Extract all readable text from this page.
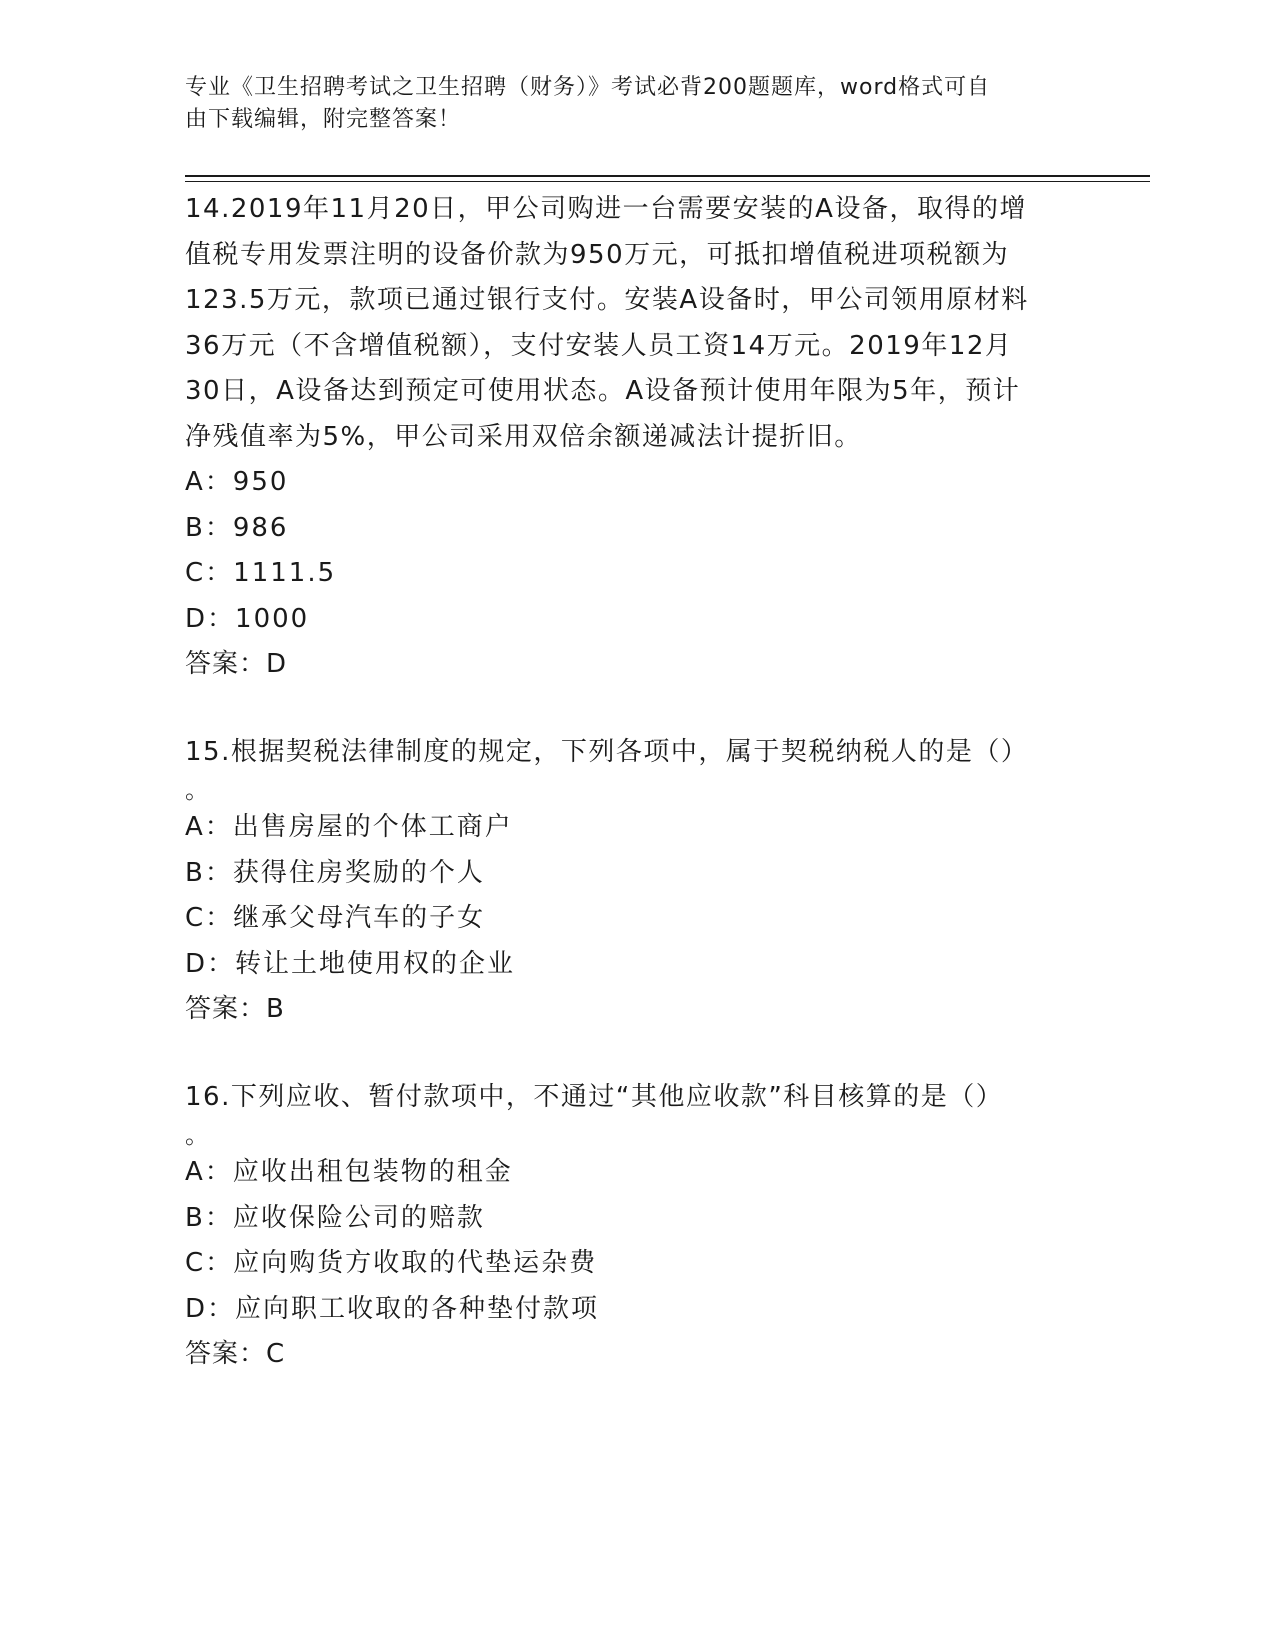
专业《卫生招聘考试之卫生招聘（财务）》考试必背200题题库，word格式可自
由下载编辑，附完整答案！

14.2019年11月20日，甲公司购进一台需要安装的A设备，取得的增

值税专用发票注明的设备价款为950万元，可抵扣增值税进项税额为

123.5万元，款项已通过银行支付。安装A设备时，甲公司领用原材料

36万元（不含增值税额），支付安装人员工资14万元。2019年12月

30日，A设备达到预定可使用状态。A设备预计使用年限为5年，预计

净残值率为5%，甲公司采用双倍余额递减法计提折旧。

A：950

B：986

C：1111.5

D：1000

答案：D

15.根据契税法律制度的规定，下列各项中，属于契税纳税人的是（）

。

A：出售房屋的个体工商户

B：获得住房奖励的个人

C：继承父母汽车的子女

D：转让土地使用权的企业

答案：B

16.下列应收、暂付款项中，不通过“其他应收款”科目核算的是（）

。

A：应收出租包装物的租金

B：应收保险公司的赔款

C：应向购货方收取的代垫运杂费

D：应向职工收取的各种垫付款项

答案：C
